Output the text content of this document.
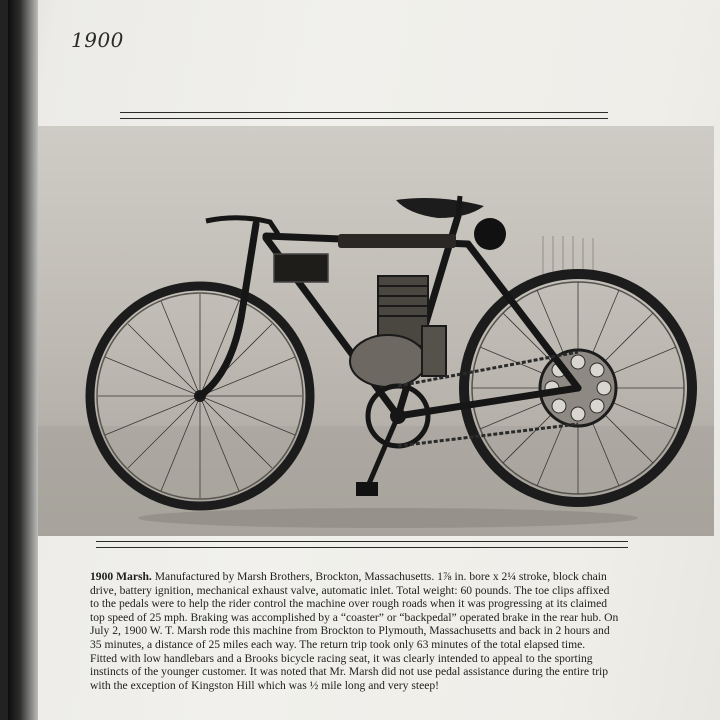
1900
1900 Marsh. Manufactured by Marsh Brothers, Brockton, Massachusetts. 1⅞ in. bore x 2¼ stroke, block chain
drive, battery ignition, mechanical exhaust valve, automatic inlet. Total weight: 60 pounds. The toe clips affixed
to the pedals were to help the rider control the machine over rough roads when it was progressing at its claimed
top speed of 25 mph. Braking was accomplished by a “coaster” or “backpedal” operated brake in the rear hub. On
July 2, 1900 W. T. Marsh rode this machine from Brockton to Plymouth, Massachusetts and back in 2 hours and
35 minutes, a distance of 25 miles each way. The return trip took only 63 minutes of the total elapsed time.
Fitted with low handlebars and a Brooks bicycle racing seat, it was clearly intended to appeal to the sporting
instincts of the younger customer. It was noted that Mr. Marsh did not use pedal assistance during the entire trip
with the exception of Kingston Hill which was ½ mile long and very steep!
